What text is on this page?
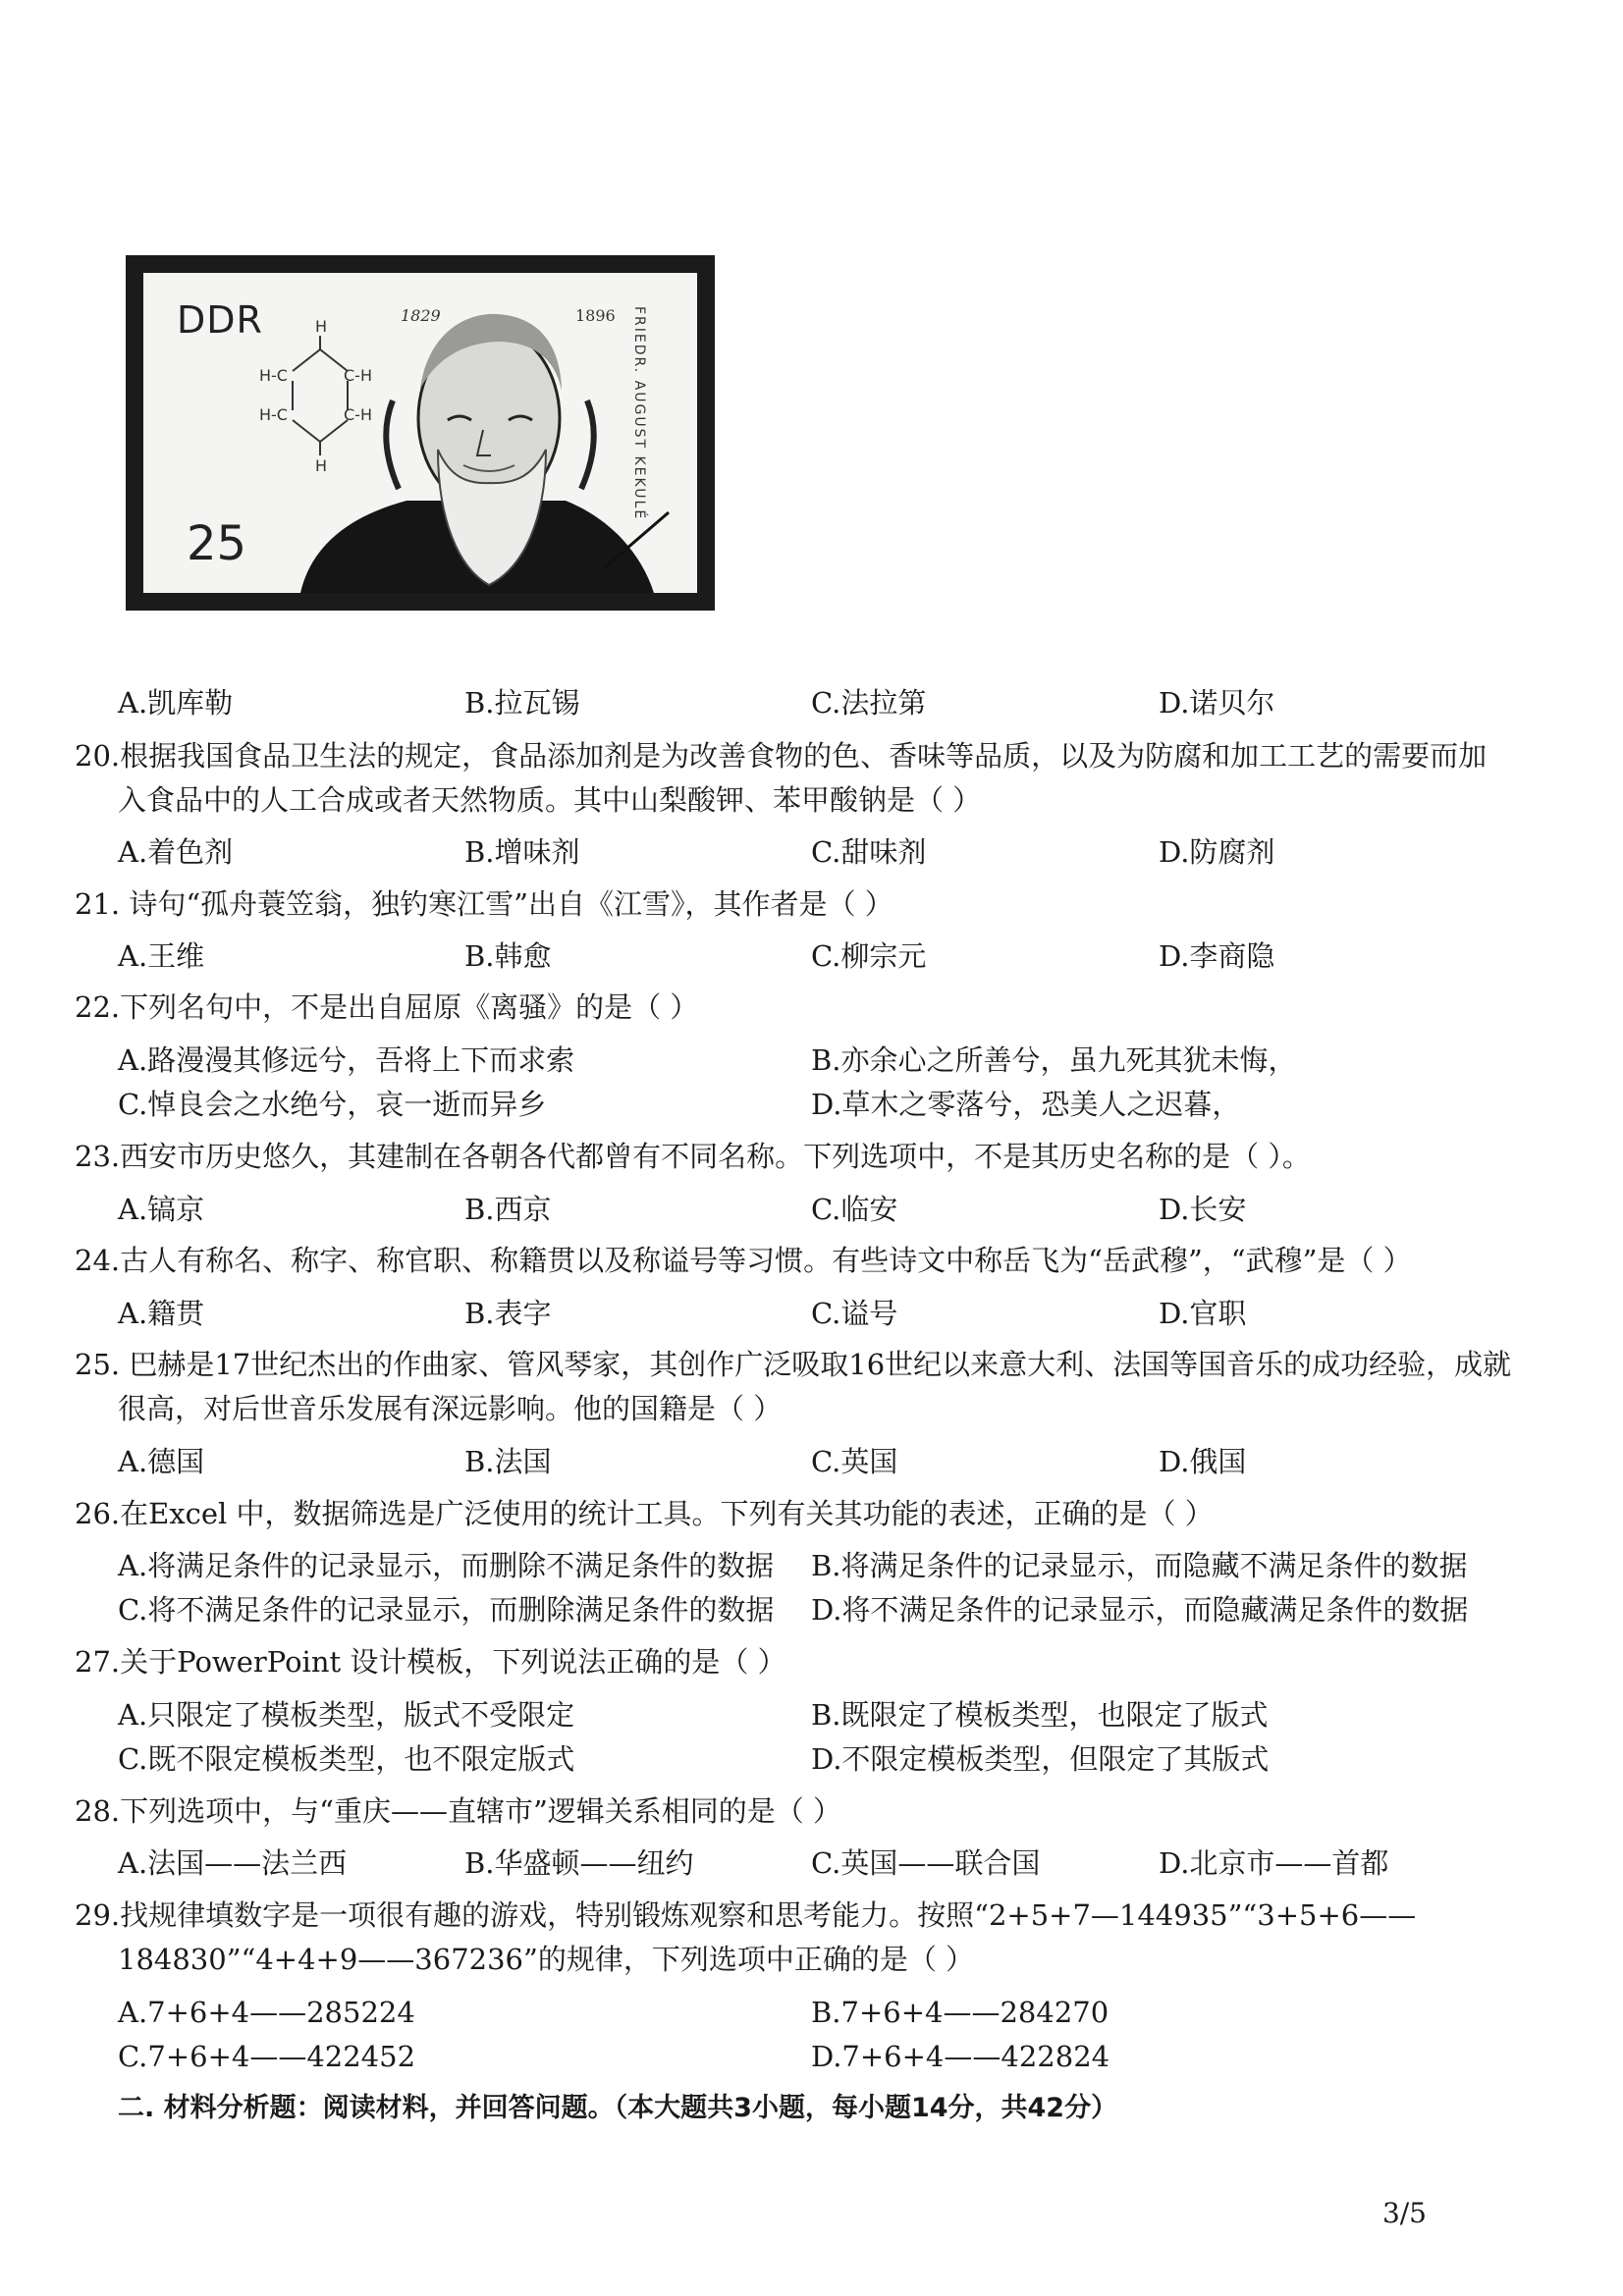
H
H-C	C-H
H-C	C-H
H
DDR
25
1829	1896 FRIEDR. AUGUST KEKULÉ
A.凯库勒	B.拉瓦锡	C.法拉第	D.诺贝尔
20.根据我国食品卫生法的规定，食品添加剂是为改善食物的色、香味等品质，以及为防腐和加工工艺的需要而加
入食品中的人工合成或者天然物质。其中山梨酸钾、苯甲酸钠是（ ）
A.着色剂	B.增味剂	C.甜味剂	D.防腐剂
21. 诗句“孤舟蓑笠翁，独钓寒江雪”出自《江雪》，其作者是（ ）
A.王维	B.韩愈	C.柳宗元	D.李商隐
22.下列名句中，不是出自屈原《离骚》的是（ ）
A.路漫漫其修远兮，吾将上下而求索	B.亦余心之所善兮，虽九死其犹未悔，
C.悼良会之水绝兮，哀一逝而异乡	D.草木之零落兮，恐美人之迟暮，
23.西安市历史悠久，其建制在各朝各代都曾有不同名称。下列选项中，不是其历史名称的是（ ）。
A.镐京	B.西京	C.临安	D.长安
24.古人有称名、称字、称官职、称籍贯以及称谥号等习惯。有些诗文中称岳飞为“岳武穆”，“武穆”是（ ）
A.籍贯	B.表字	C.谥号	D.官职
25. 巴赫是17世纪杰出的作曲家、管风琴家，其创作广泛吸取16世纪以来意大利、法国等国音乐的成功经验，成就
很高，对后世音乐发展有深远影响。他的国籍是（ ）
A.德国	B.法国	C.英国	D.俄国
26.在Excel 中，数据筛选是广泛使用的统计工具。下列有关其功能的表述，正确的是（ ）
A.将满足条件的记录显示，而删除不满足条件的数据 B.将满足条件的记录显示，而隐藏不满足条件的数据
C.将不满足条件的记录显示，而删除满足条件的数据 D.将不满足条件的记录显示，而隐藏满足条件的数据
27.关于PowerPoint 设计模板，下列说法正确的是（ ）
A.只限定了模板类型，版式不受限定	B.既限定了模板类型，也限定了版式
C.既不限定模板类型，也不限定版式	D.不限定模板类型，但限定了其版式
28.下列选项中，与“重庆——直辖市”逻辑关系相同的是（ ）
A.法国——法兰西	B.华盛顿——纽约	C.英国——联合国	D.北京市——首都
29.找规律填数字是一项很有趣的游戏，特别锻炼观察和思考能力。按照“2+5+7—144935”“3+5+6——
184830”“4+4+9——367236”的规律，下列选项中正确的是（ ）
A.7+6+4——285224	B.7+6+4——284270
C.7+6+4——422452	D.7+6+4——422824
二. 材料分析题：阅读材料，并回答问题。（本大题共3小题，每小题14分，共42分）
3/5
